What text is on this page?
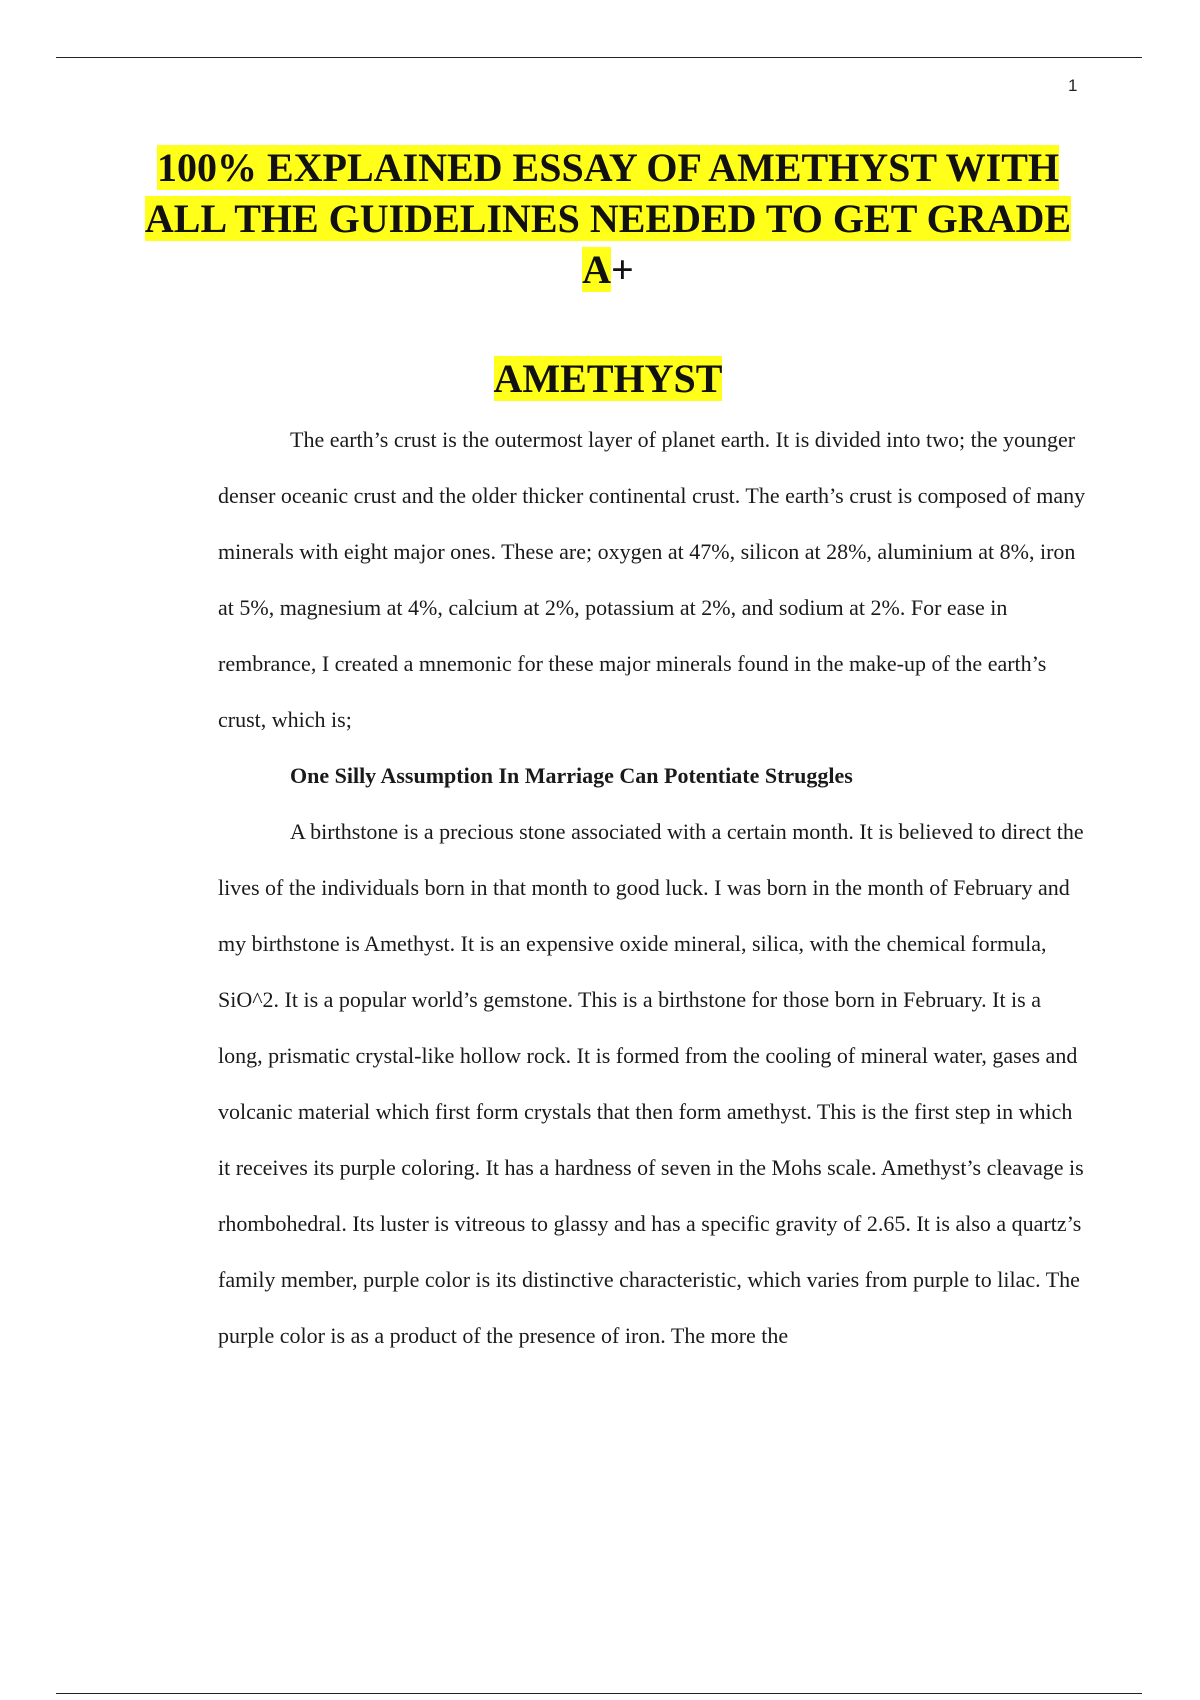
1
100% EXPLAINED ESSAY OF AMETHYST WITH
ALL THE GUIDELINES NEEDED TO GET GRADE
A+
AMETHYST

The earth’s crust is the outermost layer of planet earth. It is divided into two; the younger denser oceanic crust and the older thicker continental crust. The earth’s crust is composed of many minerals with eight major ones. These are; oxygen at 47%, silicon at 28%, aluminium at 8%, iron at 5%, magnesium at 4%, calcium at 2%, potassium at 2%, and sodium at 2%. For ease in rembrance, I created a mnemonic for these major minerals found in the make-up of the earth’s crust, which is;

One Silly Assumption In Marriage Can Potentiate Struggles

A birthstone is a precious stone associated with a certain month. It is believed to direct the lives of the individuals born in that month to good luck. I was born in the month of February and my birthstone is Amethyst. It is an expensive oxide mineral, silica, with the chemical formula, SiO^2. It is a popular world’s gemstone. This is a birthstone for those born in February. It is a long, prismatic crystal-like hollow rock. It is formed from the cooling of mineral water, gases and volcanic material which first form crystals that then form amethyst. This is the first step in which it receives its purple coloring. It has a hardness of seven in the Mohs scale. Amethyst’s cleavage is rhombohedral. Its luster is vitreous to glassy and has a specific gravity of 2.65. It is also a quartz’s family member, purple color is its distinctive characteristic, which varies from purple to lilac. The purple color is as a product of the presence of iron. The more the
